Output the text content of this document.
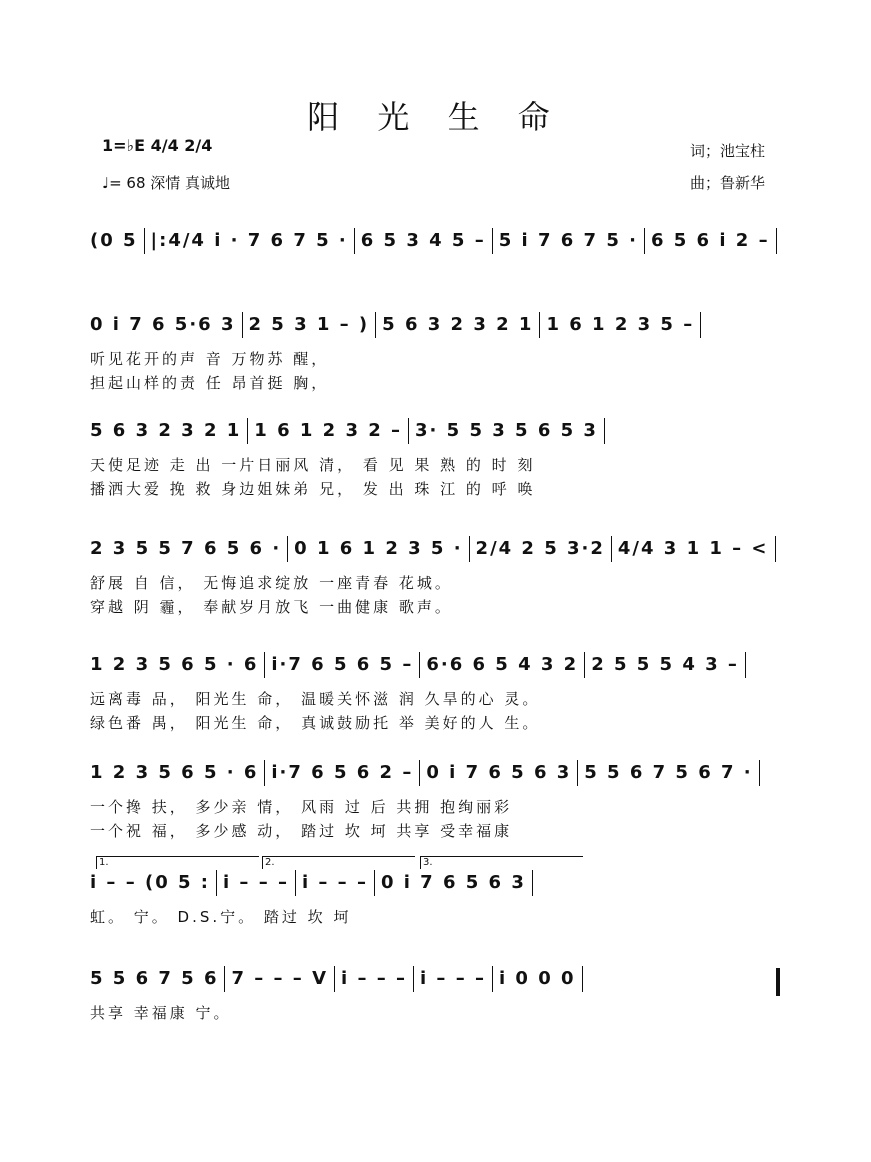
阳 光 生 命
1=♭E 4/4 2/4
♩= 68 深情 真诚地
词；池宝柱
曲；鲁新华
(0 5 |:4/4 i · 7 6 7 5 · 6 5 3 4 5 – 5 i 7 6 7 5 · 6 5 6 i 2 –
0 i 7 6 5·6 3 2 5 3 1 – ) 5 6 3 2 3 2 1 1 6 1 2 3 5 –
听见花开的声 音 万物苏 醒，
担起山样的责 任 昂首挺 胸，
5 6 3 2 3 2 1 1 6 1 2 3 2 – 3· 5 5 3 5 6 5 3
天使足迹 走 出 一片日丽风 清， 看 见 果 熟 的 时 刻
播洒大爱 挽 救 身边姐妹弟 兄， 发 出 珠 江 的 呼 唤
2 3 5 5 7 6 5 6 · 0 1 6 1 2 3 5 · 2/4 2 5 3·2 4/4 3 1 1 – <
舒展 自 信， 无悔追求绽放 一座青春 花城。
穿越 阴 霾， 奉献岁月放飞 一曲健康 歌声。
1 2 3 5 6 5 · 6 i·7 6 5 6 5 – 6·6 6 5 4 3 2 2 5 5 5 4 3 –
远离毒 品， 阳光生 命， 温暖关怀滋 润 久旱的心 灵。
绿色番 禺， 阳光生 命， 真诚鼓励托 举 美好的人 生。
1 2 3 5 6 5 · 6 i·7 6 5 6 2 – 0 i 7 6 5 6 3 5 5 6 7 5 6 7 ·
一个搀 扶， 多少亲 情， 风雨 过 后 共拥 抱绚丽彩
一个祝 福， 多少感 动， 踏过 坎 坷 共享 受幸福康
i – – (0 5 : i – – – i – – – 0 i 7 6 5 6 3
虹。 宁。 D.S.宁。 踏过 坎 坷
5 5 6 7 5 6 7 – – – V i – – – i – – – i 0 0 0
共享 幸福康 宁。
1.	2.	3.
